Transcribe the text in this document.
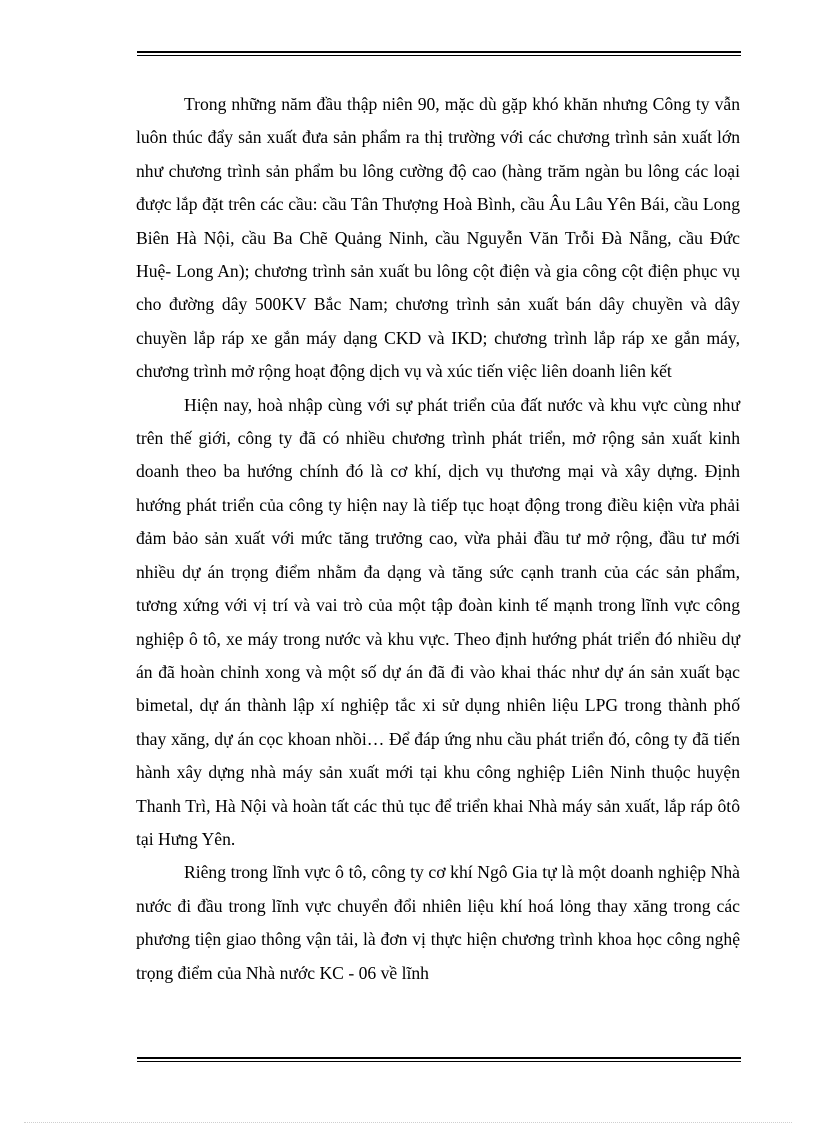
Trong những năm đầu thập niên 90, mặc dù gặp khó khăn nhưng Công ty vẫn luôn thúc đẩy sản xuất đưa sản phẩm ra thị trường với các chương trình sản xuất lớn như chương trình sản phẩm bu lông cường độ cao (hàng trăm ngàn bu lông các loại được lắp đặt trên các cầu: cầu Tân Thượng Hoà Bình, cầu Âu Lâu Yên Bái, cầu Long Biên Hà Nội, cầu Ba Chẽ Quảng Ninh, cầu Nguyễn Văn Trỗi Đà Nẵng, cầu Đức Huệ- Long An); chương trình sản xuất bu lông cột điện và gia công cột điện phục vụ cho đường dây 500KV Bắc Nam; chương trình sản xuất bán dây chuyền và dây chuyền lắp ráp xe gắn máy dạng CKD và IKD; chương trình lắp ráp xe gắn máy, chương trình mở rộng hoạt động dịch vụ và xúc tiến việc liên doanh liên kết

Hiện nay, hoà nhập cùng với sự phát triển của đất nước và khu vực cùng như trên thế giới, công ty đã có nhiều chương trình phát triển, mở rộng sản xuất kinh doanh theo ba hướng chính đó là cơ khí, dịch vụ thương mại và xây dựng. Định hướng phát triển của công ty hiện nay là tiếp tục hoạt động trong điều kiện vừa phải đảm bảo sản xuất với mức tăng trưởng cao, vừa phải đầu tư mở rộng, đầu tư mới nhiều dự án trọng điểm nhằm đa dạng và tăng sức cạnh tranh của các sản phẩm, tương xứng với vị trí và vai trò của một tập đoàn kinh tế mạnh trong lĩnh vực công nghiệp ô tô, xe máy trong nước và khu vực. Theo định hướng phát triển đó nhiều dự án đã hoàn chỉnh xong và một số dự án đã đi vào khai thác như dự án sản xuất bạc bimetal, dự án thành lập xí nghiệp tắc xi sử dụng nhiên liệu LPG trong thành phố thay xăng, dự án cọc khoan nhồi… Để đáp ứng nhu cầu phát triển đó, công ty đã tiến hành xây dựng nhà máy sản xuất mới tại khu công nghiệp Liên Ninh thuộc huyện Thanh Trì, Hà Nội và hoàn tất các thủ tục để triển khai Nhà máy sản xuất, lắp ráp ôtô tại Hưng Yên.

Riêng trong lĩnh vực ô tô, công ty cơ khí Ngô Gia tự là một doanh nghiệp Nhà nước đi đầu trong lĩnh vực chuyển đổi nhiên liệu khí hoá lỏng thay xăng trong các phương tiện giao thông vận tải, là đơn vị thực hiện chương trình khoa học công nghệ trọng điểm của Nhà nước KC - 06 về lĩnh
